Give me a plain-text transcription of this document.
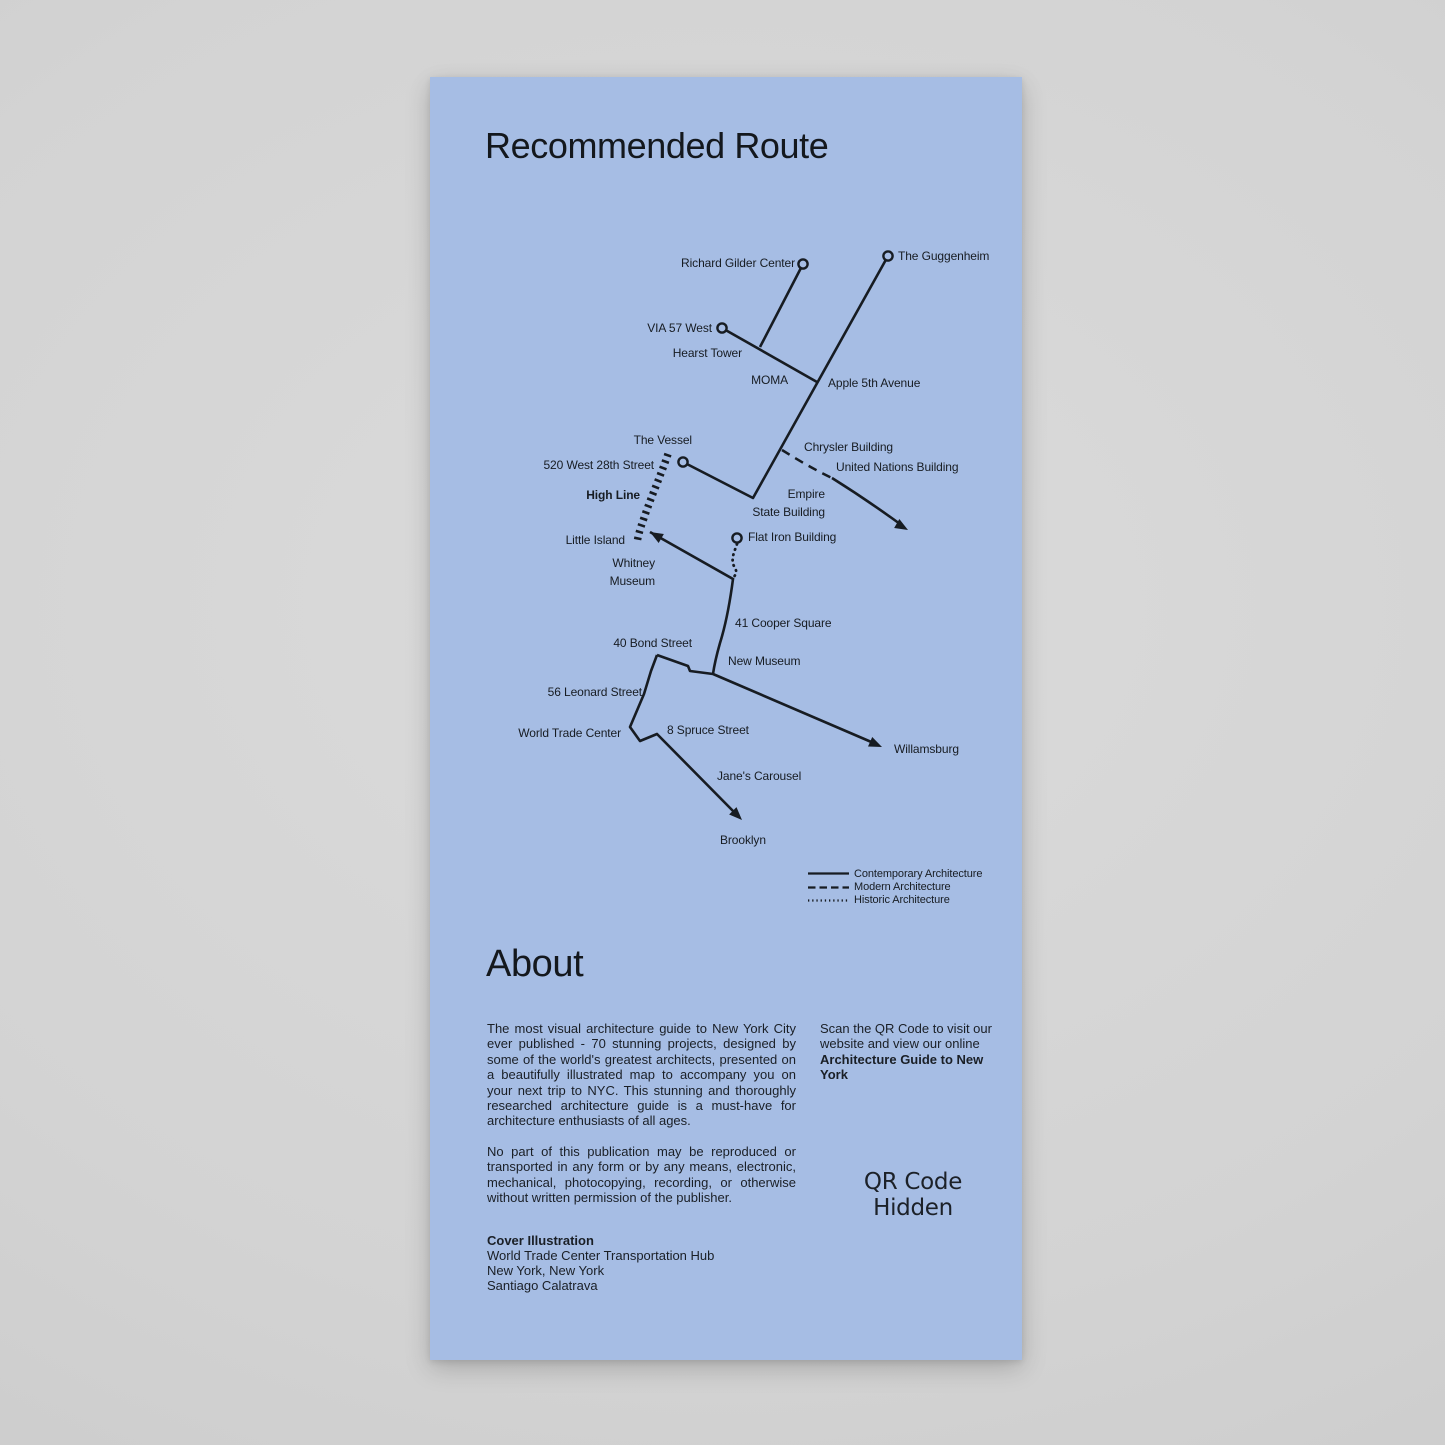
Recommended Route
Richard Gilder Center	The Guggenheim
VIA 57 West
Hearst Tower
MOMA	Apple 5th Avenue
The Vessel
520 West 28th Street
High Line
Chrysler Building
United Nations Building
Empire
State Building
Little Island
Whitney
Museum
Flat Iron Building
41 Cooper Square
40 Bond Street
New Museum
56 Leonard Street
World Trade Center	8 Spruce Street
Willamsburg
Jane's Carousel
Brooklyn
Contemporary Architecture
Modern Architecture
Historic Architecture
About

The most visual architecture guide to New York City ever published - 70 stunning projects, designed by some of the world's greatest architects, presented on a beautifully illustrated map to accompany you on your next trip to NYC. This stunning and thoroughly researched architecture guide is a must-have for architecture enthusiasts of all ages.

No part of this publication may be reproduced or transported in any form or by any means, electronic, mechanical, photocopying, recording, or otherwise without written permission of the publisher.

Cover Illustration
World Trade Center Transportation Hub
New York, New York
Santiago Calatrava
Scan the QR Code to visit our website and view our online Architecture Guide to New York
QR Code
Hidden
